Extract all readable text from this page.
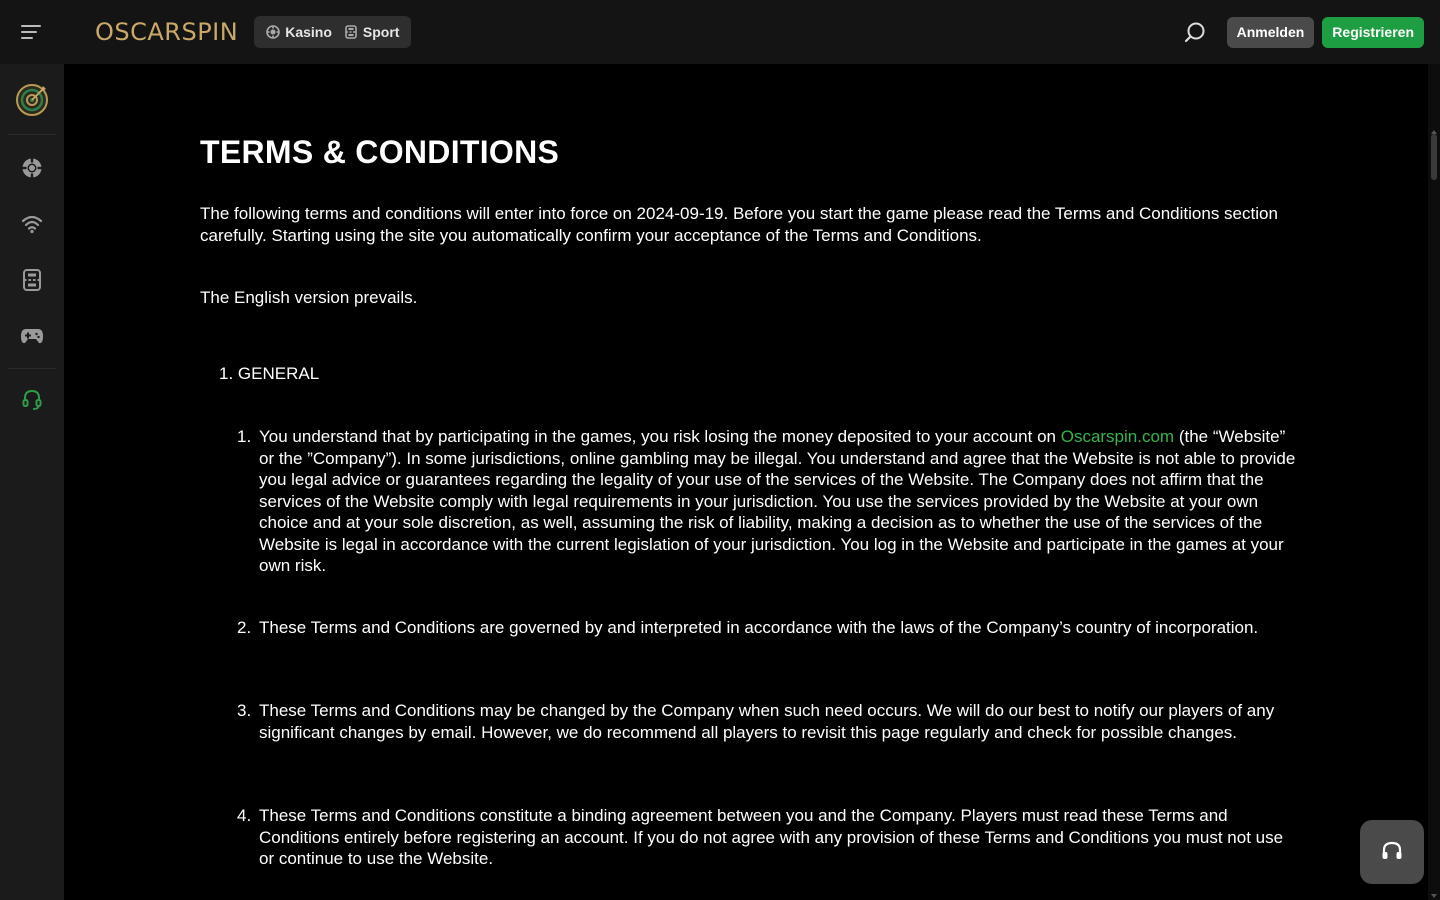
OSCARSPIN	Kasino Sport	Anmelden	Registrieren
TERMS & CONDITIONS

The following terms and conditions will enter into force on 2024-09-19. Before you start the game please read the Terms and Conditions section carefully. Starting using the site you automatically confirm your acceptance of the Terms and Conditions.

The English version prevails.

1. GENERAL
1. You understand that by participating in the games, you risk losing the money deposited to your account on Oscarspin.com (the “Website” or the ”Company”). In some jurisdictions, online gambling may be illegal. You understand and agree that the Website is not able to provide you legal advice or guarantees regarding the legality of your use of the services of the Website. The Company does not affirm that the services of the Website comply with legal requirements in your jurisdiction. You use the services provided by the Website at your own choice and at your sole discretion, as well, assuming the risk of liability, making a decision as to whether the use of the services of the Website is legal in accordance with the current legislation of your jurisdiction. You log in the Website and participate in the games at your own risk.
2. These Terms and Conditions are governed by and interpreted in accordance with the laws of the Company’s country of incorporation.
3. These Terms and Conditions may be changed by the Company when such need occurs. We will do our best to notify our players of any significant changes by email. However, we do recommend all players to revisit this page regularly and check for possible changes.
4. These Terms and Conditions constitute a binding agreement between you and the Company. Players must read these Terms and Conditions entirely before registering an account. If you do not agree with any provision of these Terms and Conditions you must not use or continue to use the Website.
